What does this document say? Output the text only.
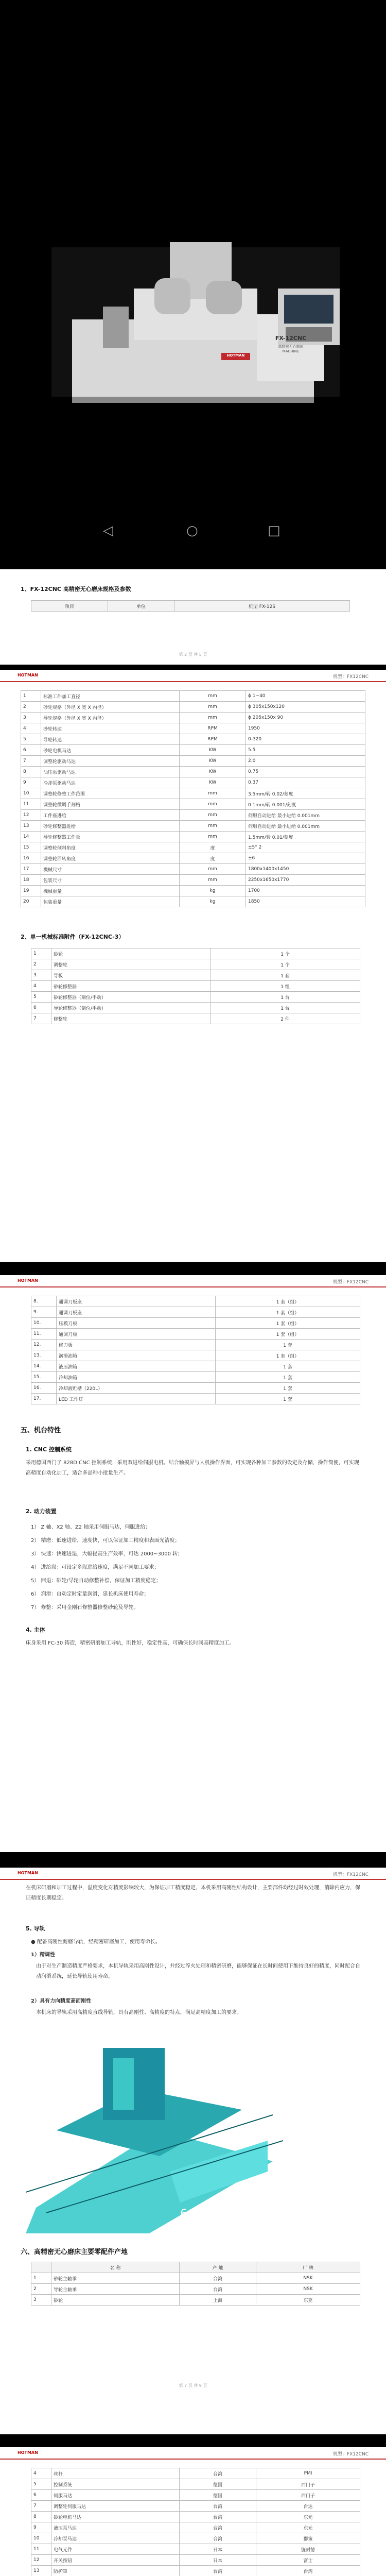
FX-12CNC
高精密无心磨床
MACHINE
HOTMAN
◁	○	□
1、FX-12CNC 高精密无心磨床规格及参数
项目	单位	机型 FX-12S
第 2 页 共 5 页
HOTMAN	机型：FX12CNC
1	标准工件加工直径	mm	ϕ 1~40
2	砂轮规格（外径 X 宽 X 内径）	mm	ϕ 305x150x120
3	导轮规格（外径 X 宽 X 内径）	mm	ϕ 205x150x 90
4	砂轮转速	RPM	1950
5	导轮转速	RPM	0-320
6	砂轮电机马达	KW	5.5
7	调整轮驱动马达	KW	2.0
8	油压泵驱动马达	KW	0.75
9	冷却泵驱动马达	KW	0.37
10	调整轮修整工作范围	mm	3.5mm/转 0.02/刻度
11	调整轮微调手刻格	mm	0.1mm/转 0.001/刻度
12	工件座进给	mm	伺服自动进给 最小进给 0.001mm
13	砂轮修整器进给	mm	伺服自动进给 最小进给 0.001mm
14	导轮修整器工作量	mm	1.5mm/转 0.01/刻度
15	调整轮倾斜角度	度	±5° 2
16	调整轮回转角度	度	±6
17	機械尺寸	mm	1800x1400x1450
18	包装尺寸	mm	2250x1650x1770
19	機械重量	kg	1700
20	包装重量	kg	1850
2、单一机械标准附件（FX-12CNC-3）
1	砂轮	1 个
2	调整轮	1 个
3	导板	1 套
4	砂轮修整器	1 组
5	砂轮修整器（刻位/手动）	1 台
6	导轮修整器（刻位/手动）	1 台
7	修整轮	2 件
HOTMAN	机型：FX12CNC
8.	通调刀板座	1 套（组）
9.	通调刀板座	1 套（组）
10.	压模刀板	1 套（组）
11.	通调刀板	1 套（组）
12.	修刀板	1 套
13.	润滑油箱	1 套（组）
14.	液压油箱	1 套
15.	冷却油箱	1 套
16.	冷却液贮槽（220L）	1 套
17.	LED 工作灯	1 套
五、机台特性
1. CNC 控制系统
采用德国西门子 828D CNC 控制系统，采用双进给伺服电机。结合触摸屏与人机操作界面，可实现各种加工参数的设定及存储，操作简便，可实现高精度自动化加工，适合多品种小批量生产。
2. 动力装置
1） Z 轴、X2 轴、Z2 轴采用伺服马达，伺服进给；
2） 精磨：低速进给，速度快，可以保证加工精度和表面光洁度；
3） 快速：快速进退，大幅提高生产效率，可达 2000~3000 转；
4） 进给段：可设定多段进给速度，满足不同加工要求；
5） 回退：砂轮/导轮自动修整补偿，保证加工精度稳定；
6） 润滑：自动定时定量润滑，延长机床使用寿命；
7） 修整：采用金刚石修整器修整砂轮及导轮。
4. 主体
床身采用 FC-30 铸造，精密研磨加工导轨，刚性好，稳定性高，可确保长时间高精度加工。
HOTMAN	机型：FX12CNC
在机床研磨和加工过程中，温度变化对精度影响较大，为保证加工精度稳定，本机采用高刚性结构设计，主要部件均经过时效处理，消除内应力，保证精度长期稳定。
5. 导轨
● 配备高刚性耐磨导轨，经精密研磨加工，使用寿命长。
1）精调性
由于对生产制造精度严格要求，本机导轨采用高刚性设计，并经过淬火处理和精密研磨，能够保证在长时间使用下维持良好的精度，同时配合自动润滑系统，延长导轨使用寿命。
2）具有力向精度高而刚性
本机床的导轨采用高精度直线导轨，具有高刚性、高精度的特点，满足高精度加工的要求。
6 / 9
六、高精密无心磨床主要零配件产地
	名 称	产 地	厂 牌
1	砂轮主轴承	台湾	NSK
2	导轮主轴承	台湾	NSK
3	砂轮	上海	东亚
第 7 页 共 9 页
HOTMAN	机型：FX12CNC
4	丝杆	台湾	PMI
5	控制系统	德国	西门子
6	伺服马达	德国	西门子
7	调整轮伺服马达	台湾	台达
8	砂轮电机马达	台湾	东元
9	液压泵马达	台湾	东元
10	冷却泵马达	台湾	群策
11	电气元件	日本	施耐德
12	开关按钮	日本	富士
13	防护罩	台湾	台湾
